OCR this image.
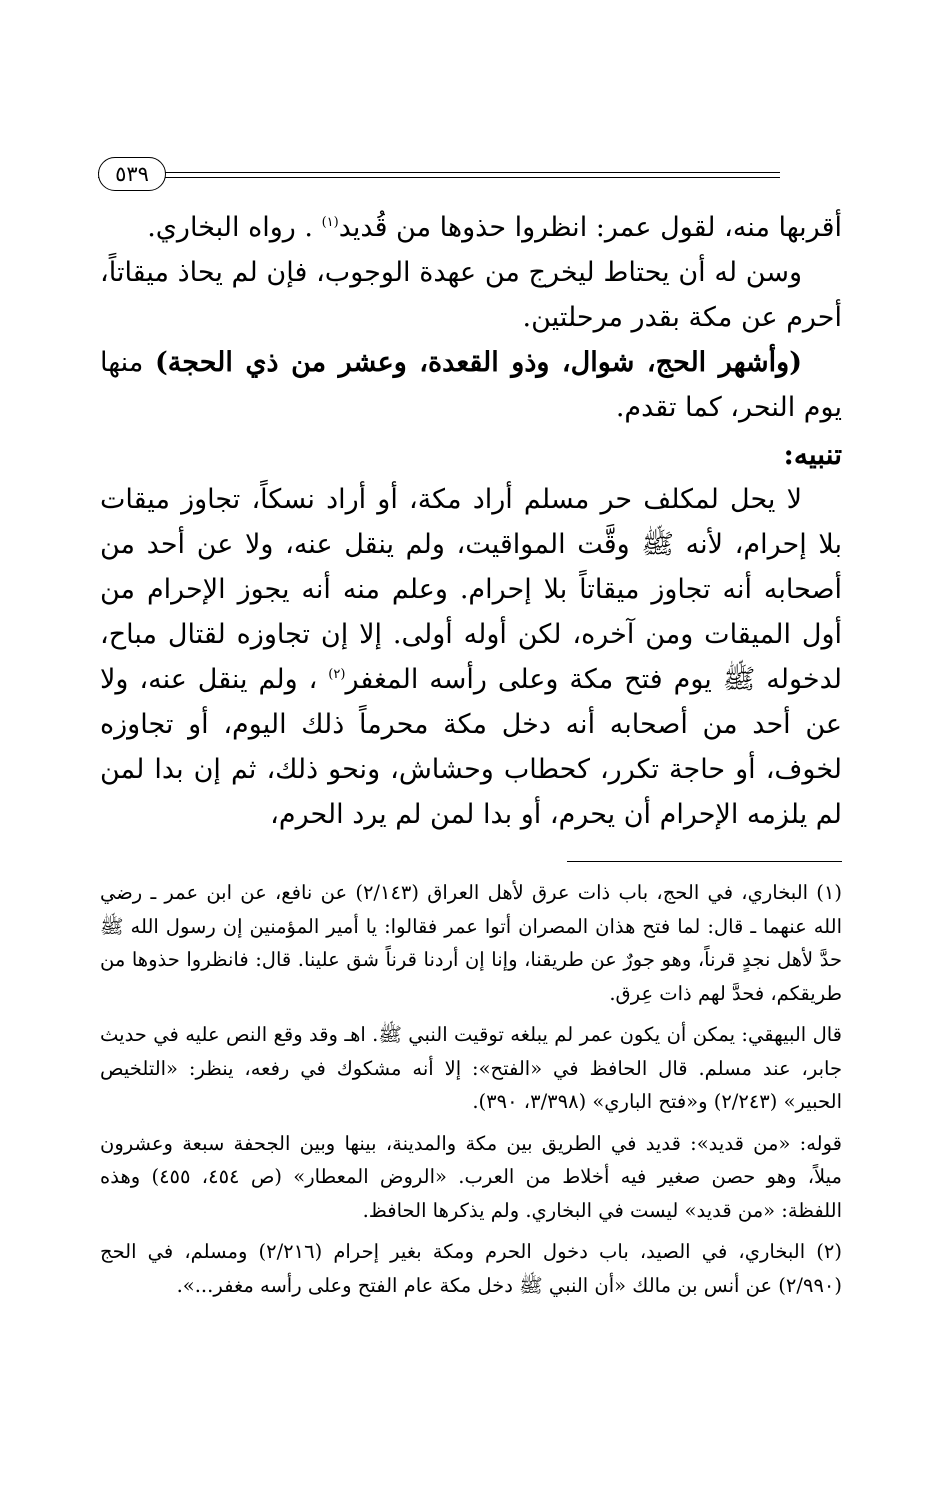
٥٣٩

أقربها منه، لقول عمر: انظروا حذوها من قُديد$^{(١)}$ . رواه البخاري.

وسن له أن يحتاط ليخرج من عهدة الوجوب، فإن لم يحاذ ميقاتاً، أحرم عن مكة بقدر مرحلتين.

(وأشهر الحج، شوال، وذو القعدة، وعشر من ذي الحجة) منها يوم النحر، كما تقدم.

تنبيه:

لا يحل لمكلف حر مسلم أراد مكة، أو أراد نسكاً، تجاوز ميقات بلا إحرام، لأنه ﷺ وقَّت المواقيت، ولم ينقل عنه، ولا عن أحد من أصحابه أنه تجاوز ميقاتاً بلا إحرام. وعلم منه أنه يجوز الإحرام من أول الميقات ومن آخره، لكن أوله أولى. إلا إن تجاوزه لقتال مباح، لدخوله ﷺ يوم فتح مكة وعلى رأسه المغفر$^{(٢)}$ ، ولم ينقل عنه، ولا عن أحد من أصحابه أنه دخل مكة محرماً ذلك اليوم، أو تجاوزه لخوف، أو حاجة تكرر، كحطاب وحشاش، ونحو ذلك، ثم إن بدا لمن لم يلزمه الإحرام أن يحرم، أو بدا لمن لم يرد الحرم،

(١) البخاري، في الحج، باب ذات عرق لأهل العراق (٢/١٤٣) عن نافع، عن ابن عمر ـ رضي الله عنهما ـ قال: لما فتح هذان المصران أتوا عمر فقالوا: يا أمير المؤمنين إن رسول الله ﷺ حدَّ لأهل نجدٍ قرناً، وهو جورٌ عن طريقنا، وإنا إن أردنا قرناً شق علينا. قال: فانظروا حذوها من طريقكم، فحدَّ لهم ذات عِرق.

قال البيهقي: يمكن أن يكون عمر لم يبلغه توقيت النبي ﷺ. اهـ وقد وقع النص عليه في حديث جابر، عند مسلم. قال الحافظ في «الفتح»: إلا أنه مشكوك في رفعه، ينظر: «التلخيص الحبير» (٢/٢٤٣) و«فتح الباري» (٣/٣٩٨، ٣٩٠).

قوله: «من قديد»: قديد في الطريق بين مكة والمدينة، بينها وبين الجحفة سبعة وعشرون ميلاً، وهو حصن صغير فيه أخلاط من العرب. «الروض المعطار» (ص ٤٥٤، ٤٥٥) وهذه اللفظة: «من قديد» ليست في البخاري. ولم يذكرها الحافظ.

(٢) البخاري، في الصيد، باب دخول الحرم ومكة بغير إحرام (٢/٢١٦) ومسلم، في الحج (٢/٩٩٠) عن أنس بن مالك «أن النبي ﷺ دخل مكة عام الفتح وعلى رأسه مغفر...».
